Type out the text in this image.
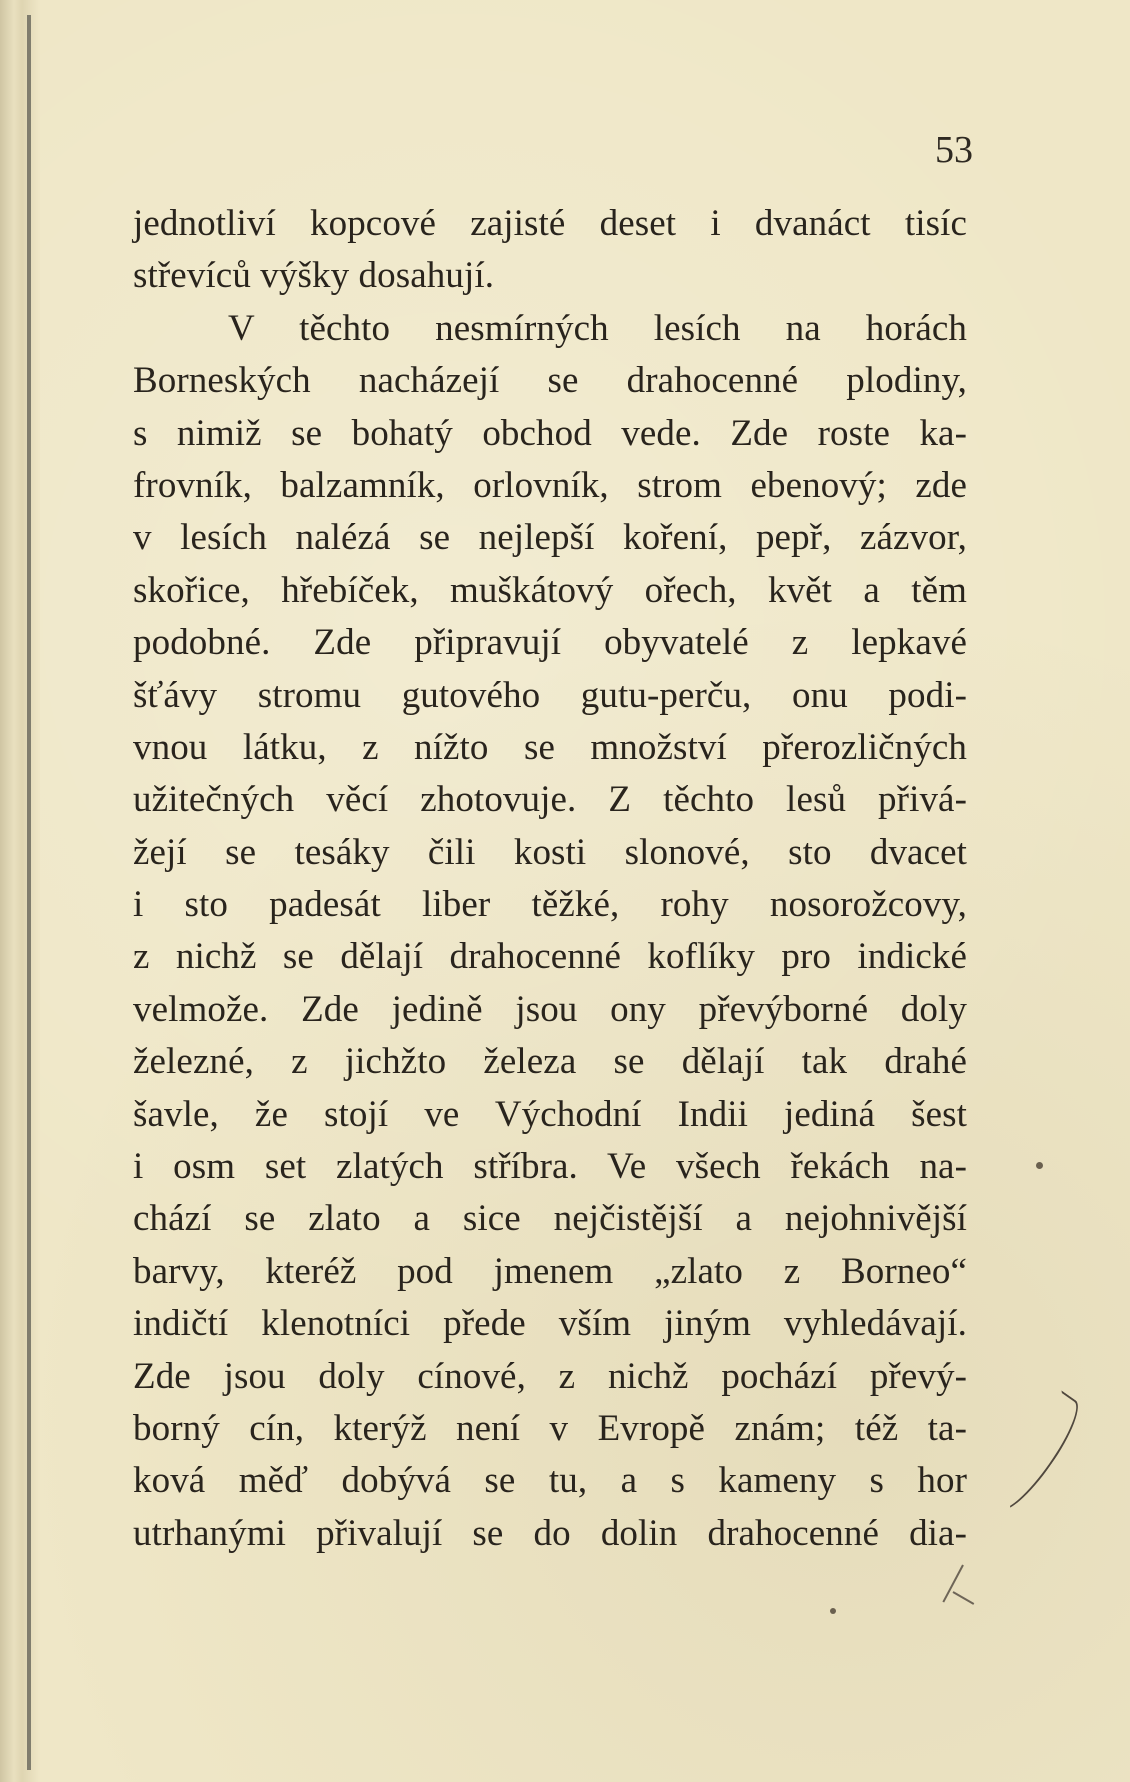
53
jednotliví kopcové zajisté deset i dvanáct tisíc
střevíců výšky dosahují.
V těchto nesmírných lesích na horách
Borneských nacházejí se drahocenné plodiny,
s nimiž se bohatý obchod vede. Zde roste ka-
frovník, balzamník, orlovník, strom ebenový; zde
v lesích nalézá se nejlepší koření, pepř, zázvor,
skořice, hřebíček, muškátový ořech, květ a těm
podobné. Zde připravují obyvatelé z lepkavé
šťávy stromu gutového gutu-perču, onu podi-
vnou látku, z nížto se množství přerozličných
užitečných věcí zhotovuje. Z těchto lesů přivá-
žejí se tesáky čili kosti slonové, sto dvacet
i sto padesát liber těžké, rohy nosorožcovy,
z nichž se dělají drahocenné koflíky pro indické
velmože. Zde jedině jsou ony převýborné doly
železné, z jichžto železa se dělají tak drahé
šavle, že stojí ve Východní Indii jediná šest
i osm set zlatých stříbra. Ve všech řekách na-
chází se zlato a sice nejčistější a nejohnivější
barvy, kteréž pod jmenem „zlato z Borneo“
indičtí klenotníci přede vším jiným vyhledávají.
Zde jsou doly cínové, z nichž pochází převý-
borný cín, kterýž není v Evropě znám; též ta-
ková měď dobývá se tu, a s kameny s hor
utrhanými přivalují se do dolin drahocenné dia-
